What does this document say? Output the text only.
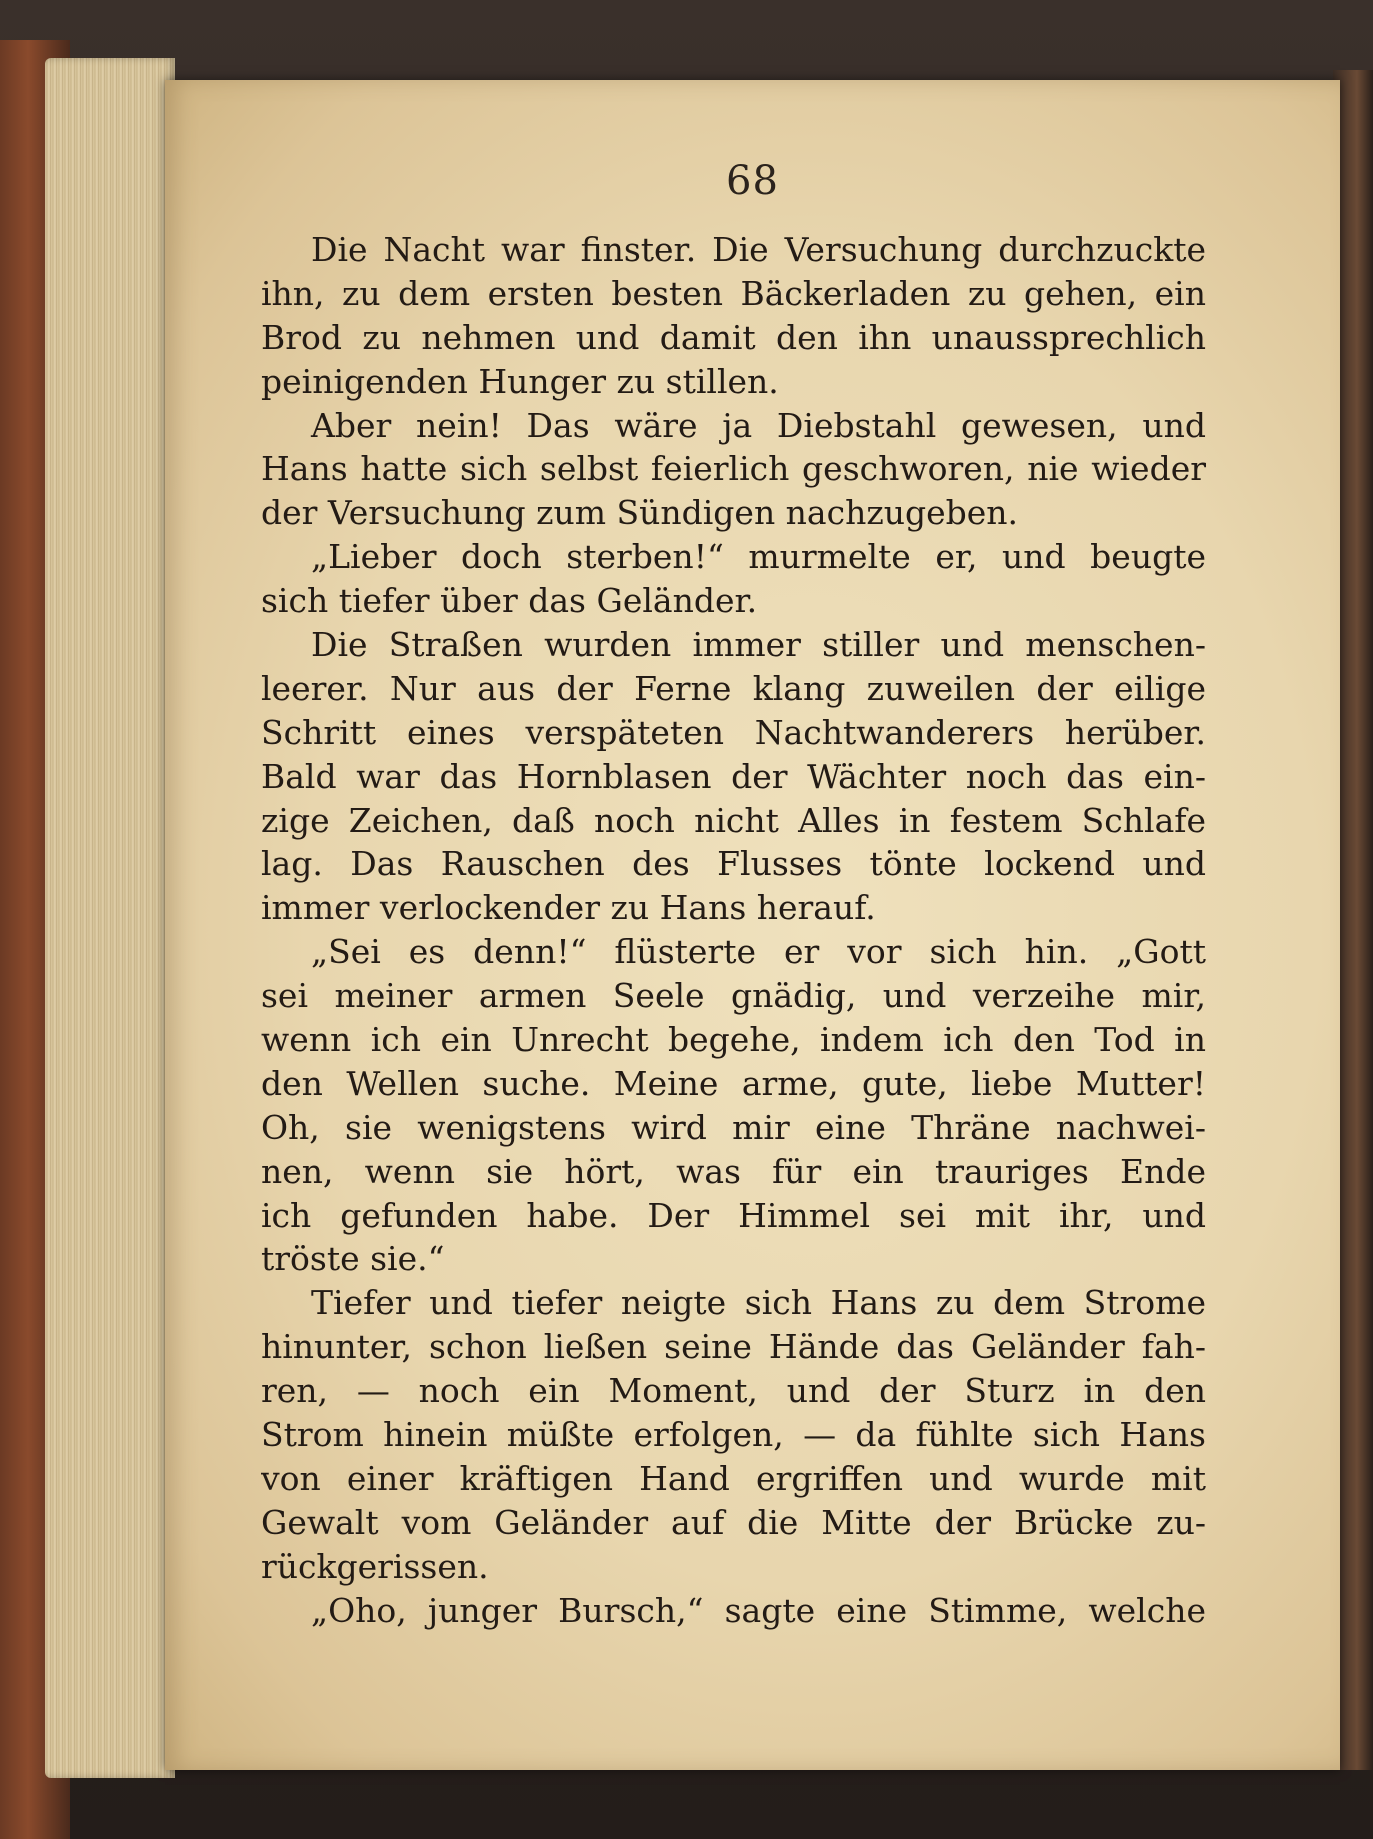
68
Die Nacht war finster. Die Versuchung durchzuckte
ihn, zu dem ersten besten Bäckerladen zu gehen, ein
Brod zu nehmen und damit den ihn unaussprechlich
peinigenden Hunger zu stillen.
Aber nein! Das wäre ja Diebstahl gewesen, und
Hans hatte sich selbst feierlich geschworen, nie wieder
der Versuchung zum Sündigen nachzugeben.
„Lieber doch sterben!“ murmelte er, und beugte
sich tiefer über das Geländer.
Die Straßen wurden immer stiller und menschen-
leerer. Nur aus der Ferne klang zuweilen der eilige
Schritt eines verspäteten Nachtwanderers herüber.
Bald war das Hornblasen der Wächter noch das ein-
zige Zeichen, daß noch nicht Alles in festem Schlafe
lag. Das Rauschen des Flusses tönte lockend und
immer verlockender zu Hans herauf.
„Sei es denn!“ flüsterte er vor sich hin. „Gott
sei meiner armen Seele gnädig, und verzeihe mir,
wenn ich ein Unrecht begehe, indem ich den Tod in
den Wellen suche. Meine arme, gute, liebe Mutter!
Oh, sie wenigstens wird mir eine Thräne nachwei-
nen, wenn sie hört, was für ein trauriges Ende
ich gefunden habe. Der Himmel sei mit ihr, und
tröste sie.“
Tiefer und tiefer neigte sich Hans zu dem Strome
hinunter, schon ließen seine Hände das Geländer fah-
ren, — noch ein Moment, und der Sturz in den
Strom hinein müßte erfolgen, — da fühlte sich Hans
von einer kräftigen Hand ergriffen und wurde mit
Gewalt vom Geländer auf die Mitte der Brücke zu-
rückgerissen.
„Oho, junger Bursch,“ sagte eine Stimme, welche
